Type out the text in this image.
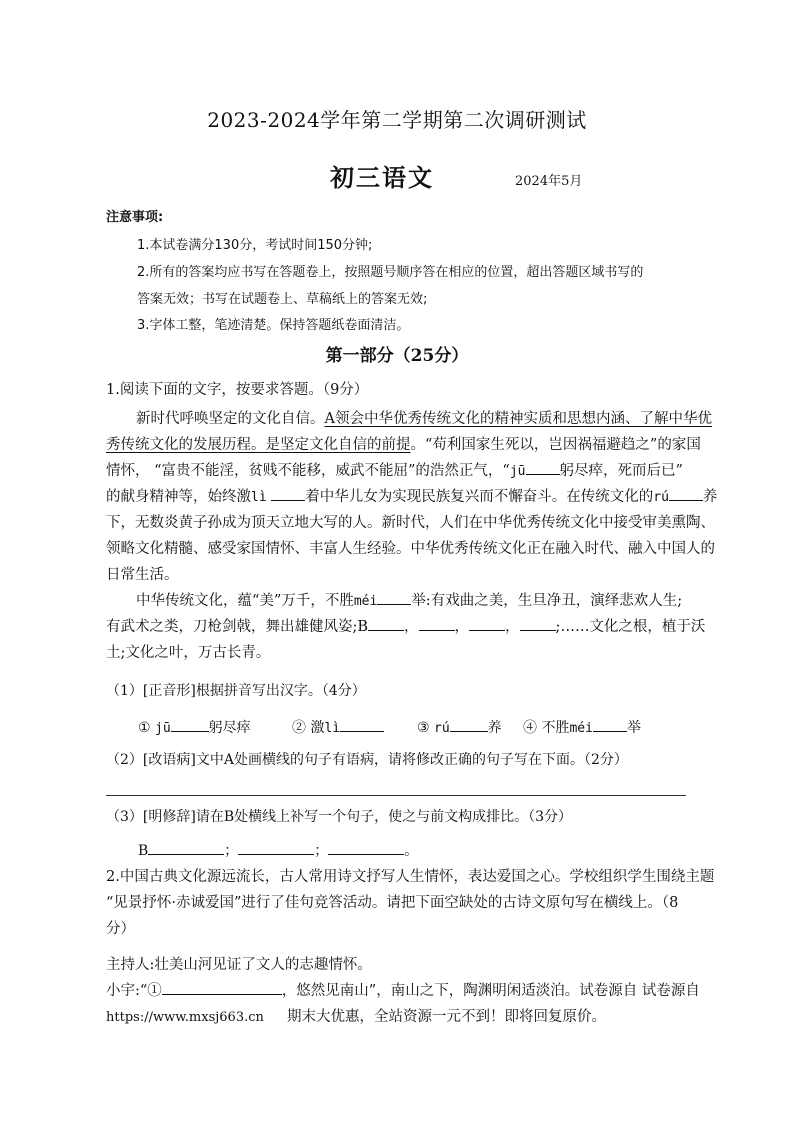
2023-2024学年第二学期第二次调研测试
初三语文	2024年5月
注意事项:
1.本试卷满分130分，考试时间150分钟;
2.所有的答案均应书写在答题卷上，按照题号顺序答在相应的位置，超出答题区域书写的
答案无效；书写在试题卷上、草稿纸上的答案无效;
3.字体工整，笔迹清楚。保持答题纸卷面清洁。
第一部分（25分）
1.阅读下面的文字，按要求答题。（9分）
新时代呼唤坚定的文化自信。A领会中华优秀传统文化的精神实质和思想内涵、了解中华优
秀传统文化的发展历程。是坚定文化自信的前提。“苟利国家生死以，岂因祸福避趋之”的家国
情怀， “富贵不能淫，贫贱不能移，威武不能屈”的浩然正气，“jū 躬尽瘁，死而后已”
的献身精神等，始终激lì	着中华儿女为实现民族复兴而不懈奋斗。在传统文化的rú 养
下，无数炎黄子孙成为顶天立地大写的人。新时代，人们在中华优秀传统文化中接受审美熏陶、
领略文化精髓、感受家国情怀、丰富人生经验。中华优秀传统文化正在融入时代、融入中国人的
日常生活。
中华传统文化，蕴“美”万千，不胜méi 举:有戏曲之美，生旦净丑，演绎悲欢人生;
有武术之类，刀枪剑戟，舞出雄健风姿;B ， ， ， ;……文化之根，植于沃
土;文化之叶，万古长青。
（1）[正音形]根据拼音写出汉字。（4分）
① jū	躬尽瘁	② 激lì	③ rú	养 ④ 不胜méi 举
（2）[改语病]文中A处画横线的句子有语病，请将修改正确的句子写在下面。（2分）
（3）[明修辞]请在B处横线上补写一个句子，使之与前文构成排比。（3分）
B	；	；	。
2.中国古典文化源远流长，古人常用诗文抒写人生情怀，表达爱国之心。学校组织学生围绕主题
“见景抒怀·赤诚爱国”进行了佳句竞答活动。请把下面空缺处的古诗文原句写在横线上。（8
分）
主持人:壮美山河见证了文人的志趣情怀。
小宇:“①	，悠然见南山”，南山之下，陶渊明闲适淡泊。试卷源自 试卷源自
https://www.mxsj663.cn 期末大优惠，全站资源一元不到！即将回复原价。
